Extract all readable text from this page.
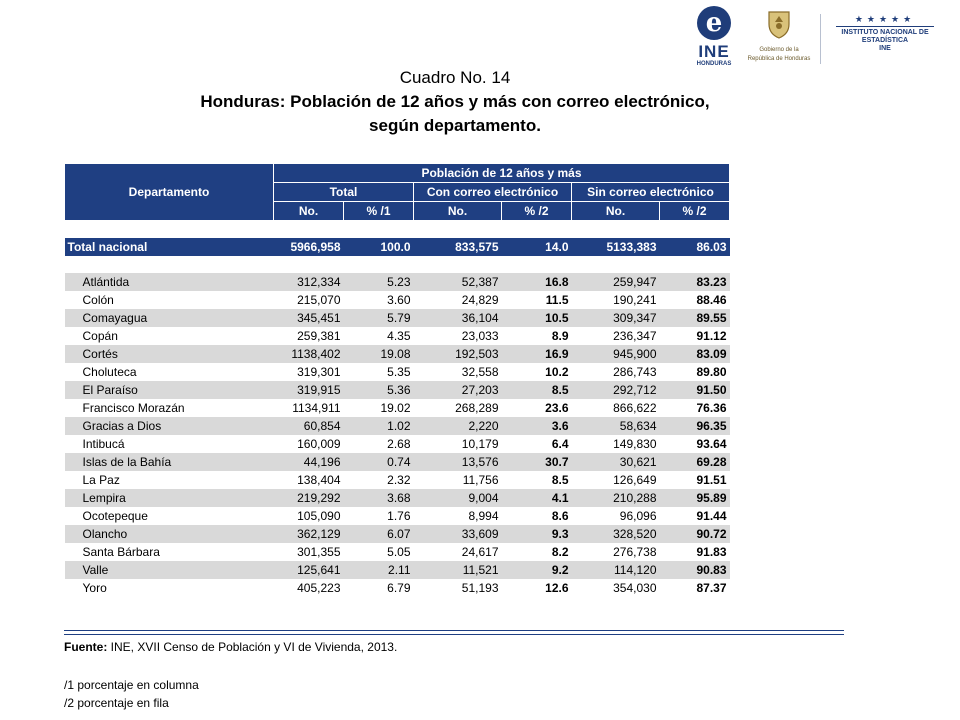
e
INE
HONDURAS
Gobierno de la
República de Honduras
★★★★★
INSTITUTO NACIONAL DE
ESTADÍSTICA
INE
Cuadro No. 14
Honduras: Población de 12 años y más con correo electrónico,
según departamento.
Departamento	Población de 12 años y más					
	Total		Con correo electrónico		Sin correo electrónico	
	No.	% /1	No.	% /2	No.	% /2

Total nacional	5966,958	100.0	833,575	14.0	5133,383	86.03

Atlántida	312,334	5.23	52,387	16.8	259,947	83.23
Colón	215,070	3.60	24,829	11.5	190,241	88.46
Comayagua	345,451	5.79	36,104	10.5	309,347	89.55
Copán	259,381	4.35	23,033	8.9	236,347	91.12
Cortés	1138,402	19.08	192,503	16.9	945,900	83.09
Choluteca	319,301	5.35	32,558	10.2	286,743	89.80
El Paraíso	319,915	5.36	27,203	8.5	292,712	91.50
Francisco Morazán	1134,911	19.02	268,289	23.6	866,622	76.36
Gracias a Dios	60,854	1.02	2,220	3.6	58,634	96.35
Intibucá	160,009	2.68	10,179	6.4	149,830	93.64
Islas de la Bahía	44,196	0.74	13,576	30.7	30,621	69.28
La Paz	138,404	2.32	11,756	8.5	126,649	91.51
Lempira	219,292	3.68	9,004	4.1	210,288	95.89
Ocotepeque	105,090	1.76	8,994	8.6	96,096	91.44
Olancho	362,129	6.07	33,609	9.3	328,520	90.72
Santa Bárbara	301,355	5.05	24,617	8.2	276,738	91.83
Valle	125,641	2.11	11,521	9.2	114,120	90.83
Yoro	405,223	6.79	51,193	12.6	354,030	87.37
Fuente: INE, XVII Censo de Población y VI de Vivienda, 2013.
/1 porcentaje en columna
/2 porcentaje en fila
